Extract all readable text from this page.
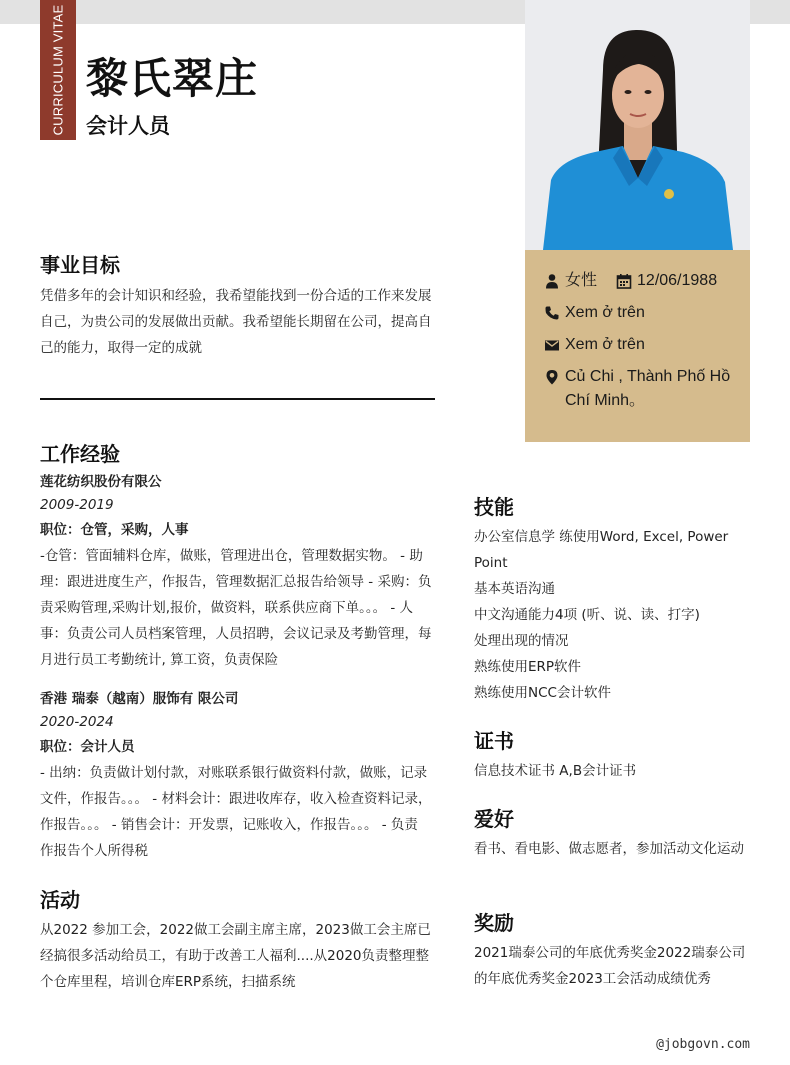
CURRICULUM VITAE 黎氏翠庄
会计人员
女性	12/06/1988
Xem ở trên
Xem ở trên
Củ Chi , Thành Phố Hồ Chí Minh。
事业目标
凭借多年的会计知识和经验，我希望能找到一份合适的工作来发展自己，为贵公司的发展做出贡献。我希望能长期留在公司，提高自己的能力，取得一定的成就
工作经验
莲花纺织股份有限公
2009-2019
职位：仓管，采购，人事
-仓管：管面辅料仓库，做账，管理进出仓，管理数据实物。 - 助理：跟进进度生产，作报告，管理数据汇总报告给领导 - 采购：负责采购管理,采购计划,报价，做资料，联系供应商下单。。。 - 人事：负责公司人员档案管理，人员招聘，会议记录及考勤管理，每月进行员工考勤统计, 算工资，负责保险
香港 瑞泰（越南）服饰有 限公司
2020-2024
职位：会计人员
- 出纳：负责做计划付款，对账联系银行做资料付款，做账，记录文件，作报告。。。 - 材料会计：跟进收库存，收入检查资料记录，作报告。。。 - 销售会计：开发票，记账收入，作报告。。。 - 负责 作报告个人所得税
活动
从2022 参加工会，2022做工会副主席主席，2023做工会主席已经搞很多活动给员工，有助于改善工人福利....从2020负责整理整个仓库里程，培训仓库ERP系统，扫描系统
技能
办公室信息学 练使用Word, Excel, Power Point
基本英语沟通
中文沟通能力4项 (听、说、读、打字)
处理出现的情况
熟练使用ERP软件
熟练使用NCC会计软件
证书
信息技术证书 A,B会计证书
爱好
看书、看电影、做志愿者，参加活动文化运动
奖励
2021瑞泰公司的年底优秀奖金2022瑞泰公司的年底优秀奖金2023工会活动成绩优秀
@jobgovn.com
